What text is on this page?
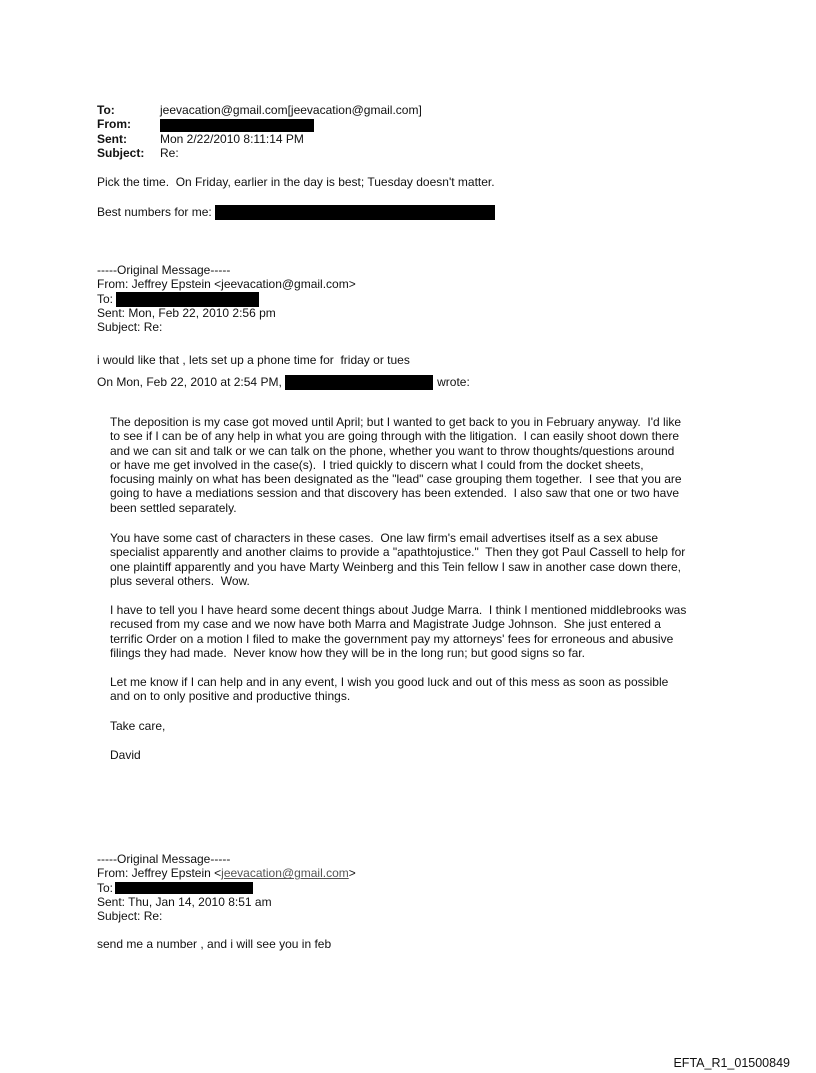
To:	jeevacation@gmail.com[jeevacation@gmail.com]
From:
Sent:	Mon 2/22/2010 8:11:14 PM
Subject: Re:
Pick the time.  On Friday, earlier in the day is best; Tuesday doesn't matter.
Best numbers for me:
-----Original Message-----
From: Jeffrey Epstein <jeevacation@gmail.com>
To:
Sent: Mon, Feb 22, 2010 2:56 pm
Subject: Re:
i would like that , lets set up a phone time for  friday or tues
On Mon, Feb 22, 2010 at 2:54 PM,	wrote:
The deposition is my case got moved until April; but I wanted to get back to you in February anyway.  I'd like
to see if I can be of any help in what you are going through with the litigation.  I can easily shoot down there
and we can sit and talk or we can talk on the phone, whether you want to throw thoughts/questions around
or have me get involved in the case(s).  I tried quickly to discern what I could from the docket sheets,
focusing mainly on what has been designated as the "lead" case grouping them together.  I see that you are
going to have a mediations session and that discovery has been extended.  I also saw that one or two have
been settled separately.
You have some cast of characters in these cases.  One law firm's email advertises itself as a sex abuse
specialist apparently and another claims to provide a "apathtojustice."  Then they got Paul Cassell to help for
one plaintiff apparently and you have Marty Weinberg and this Tein fellow I saw in another case down there,
plus several others.  Wow.
I have to tell you I have heard some decent things about Judge Marra.  I think I mentioned middlebrooks was
recused from my case and we now have both Marra and Magistrate Judge Johnson.  She just entered a
terrific Order on a motion I filed to make the government pay my attorneys' fees for erroneous and abusive
filings they had made.  Never know how they will be in the long run; but good signs so far.
Let me know if I can help and in any event, I wish you good luck and out of this mess as soon as possible
and on to only positive and productive things.
Take care,
David
-----Original Message-----
From: Jeffrey Epstein <jeevacation@gmail.com>
To:
Sent: Thu, Jan 14, 2010 8:51 am
Subject: Re:
send me a number , and i will see you in feb
EFTA_R1_01500849
